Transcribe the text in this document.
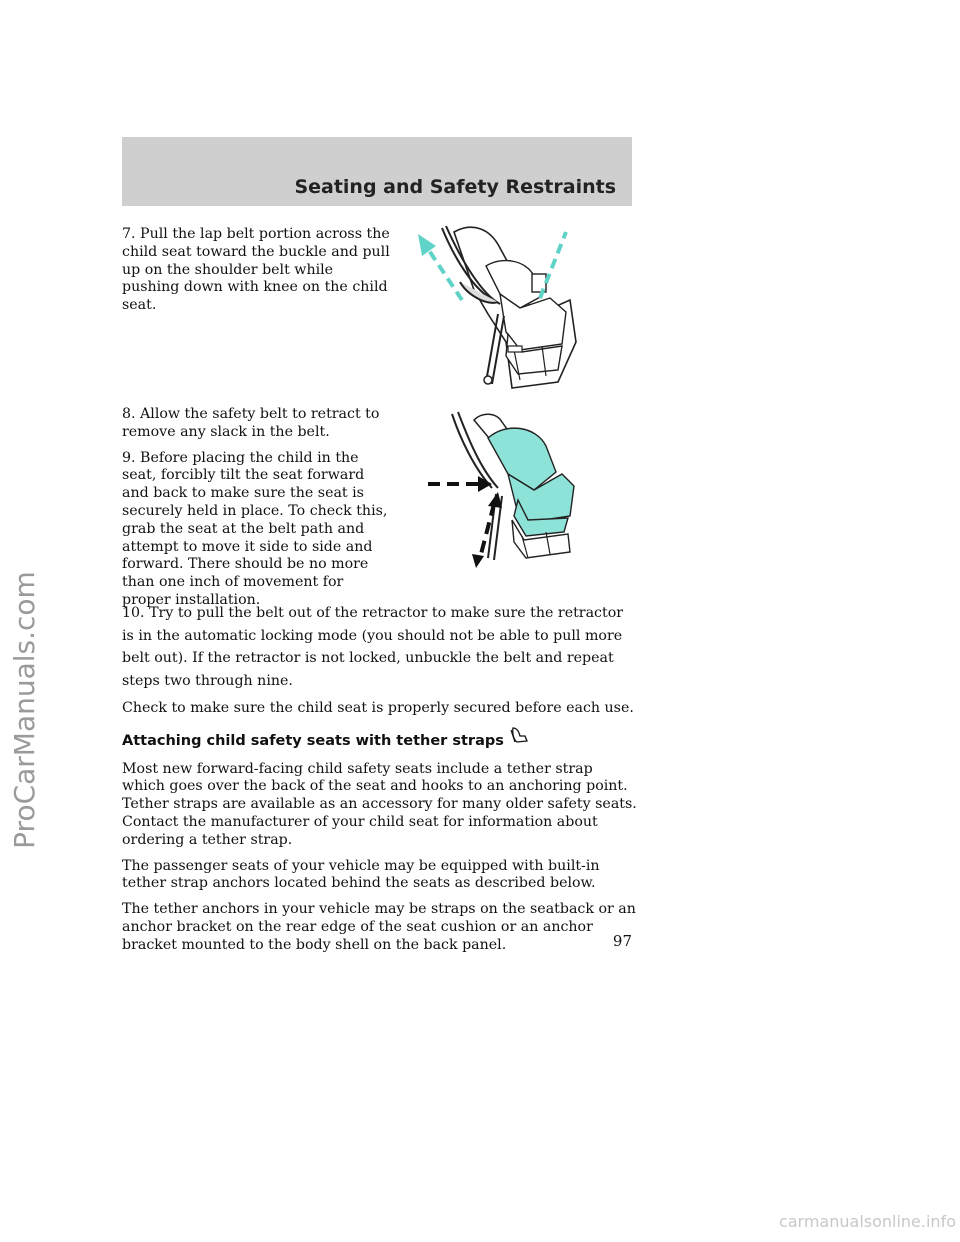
ProCarManuals.com
Seating and Safety Restraints

7. Pull the lap belt portion across the child seat toward the buckle and pull up on the shoulder belt while pushing down with knee on the child seat.

8. Allow the safety belt to retract to remove any slack in the belt.

9. Before placing the child in the seat, forcibly tilt the seat forward and back to make sure the seat is securely held in place. To check this, grab the seat at the belt path and attempt to move it side to side and forward. There should be no more than one inch of movement for proper installation.

10. Try to pull the belt out of the retractor to make sure the retractor is in the automatic locking mode (you should not be able to pull more belt out). If the retractor is not locked, unbuckle the belt and repeat steps two through nine.

Check to make sure the child seat is properly secured before each use.

Attaching child safety seats with tether straps

Most new forward-facing child safety seats include a tether strap which goes over the back of the seat and hooks to an anchoring point. Tether straps are available as an accessory for many older safety seats. Contact the manufacturer of your child seat for information about ordering a tether strap.

The passenger seats of your vehicle may be equipped with built-in tether strap anchors located behind the seats as described below.

The tether anchors in your vehicle may be straps on the seatback or an anchor bracket on the rear edge of the seat cushion or an anchor bracket mounted to the body shell on the back panel.	97
carmanualsonline.info
